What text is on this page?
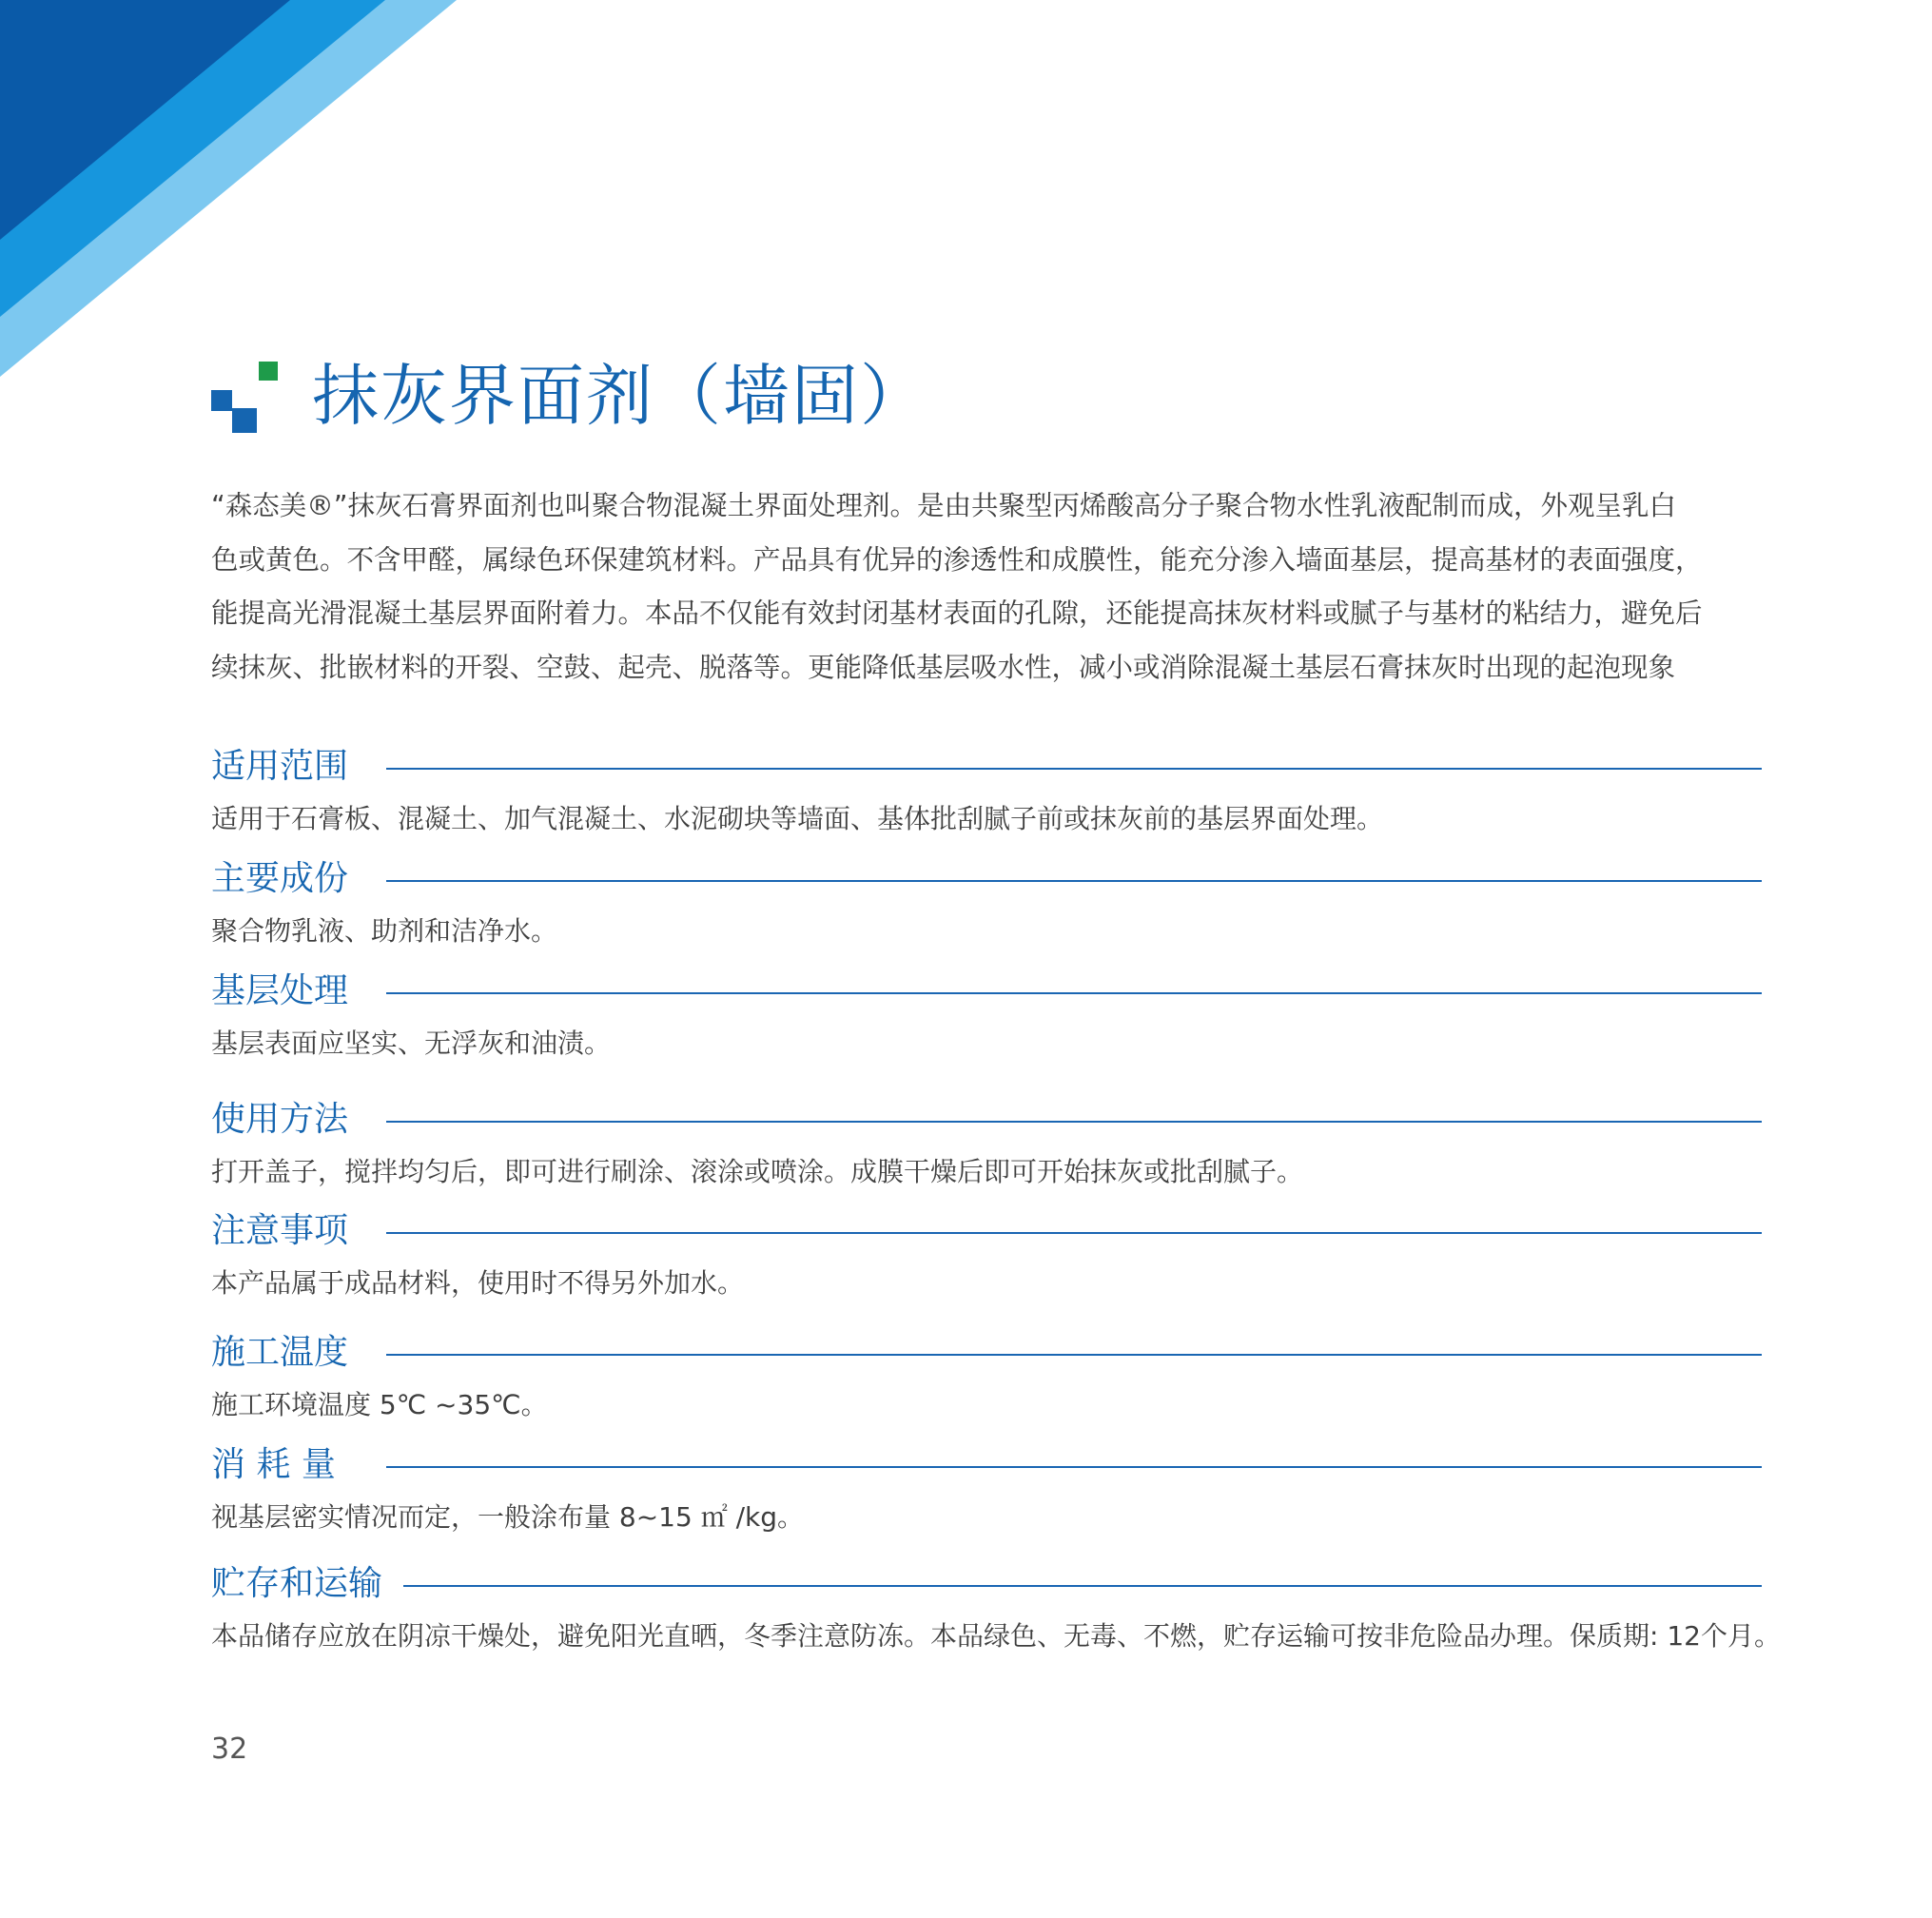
抹灰界面剂（墙固）

“森态美®”抹灰石膏界面剂也叫聚合物混凝土界面处理剂。是由共聚型丙烯酸高分子聚合物水性乳液配制而成，外观呈乳白

色或黄色。不含甲醛，属绿色环保建筑材料。产品具有优异的渗透性和成膜性，能充分渗入墙面基层，提高基材的表面强度，

能提高光滑混凝土基层界面附着力。本品不仅能有效封闭基材表面的孔隙，还能提高抹灰材料或腻子与基材的粘结力，避免后

续抹灰、批嵌材料的开裂、空鼓、起壳、脱落等。更能降低基层吸水性，减小或消除混凝土基层石膏抹灰时出现的起泡现象

适用范围
适用于石膏板、混凝土、加气混凝土、水泥砌块等墙面、基体批刮腻子前或抹灰前的基层界面处理。
主要成份
聚合物乳液、助剂和洁净水。
基层处理
基层表面应坚实、无浮灰和油渍。
使用方法
打开盖子，搅拌均匀后，即可进行刷涂、滚涂或喷涂。成膜干燥后即可开始抹灰或批刮腻子。
注意事项
本产品属于成品材料，使用时不得另外加水。
施工温度
施工环境温度 5℃ ~35℃。
消 耗 量
视基层密实情况而定，一般涂布量 8~15 ㎡ /kg。
贮存和运输
本品储存应放在阴凉干燥处，避免阳光直晒，冬季注意防冻。本品绿色、无毒、不燃，贮存运输可按非危险品办理。保质期: 12个月。
32
